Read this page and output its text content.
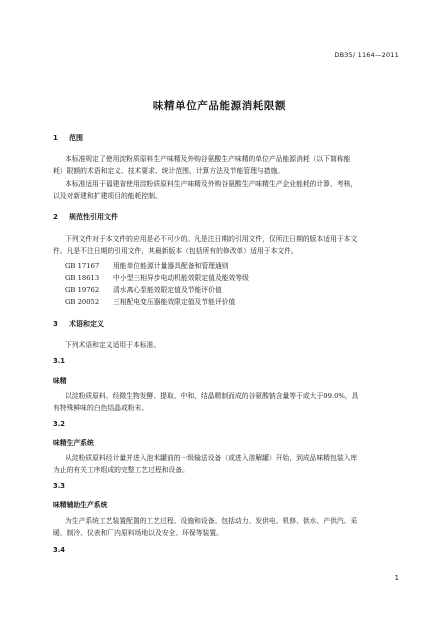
DB35/ 1164—2011
味精单位产品能源消耗限额
1 范围
本标准规定了使用淀粉质原料生产味精及外购谷氨酸生产味精的单位产品能源消耗（以下简称能
耗）限额的术语和定义、技术要求、统计范围、计算方法及节能管理与措施。
本标准适用于福建省使用淀粉质原料生产味精及外购谷氨酸生产味精生产企业能耗的计算、考核，
以及对新建和扩建项目的能耗控制。
2 规范性引用文件
下列文件对于本文件的应用是必不可少的。凡是注日期的引用文件，仅所注日期的版本适用于本文
件。凡是不注日期的引用文件，其最新版本（包括所有的修改单）适用于本文件。
GB 17167 用能单位能源计量器具配备和管理通则
GB 18613 中小型三相异步电动机能效限定值及能效等级
GB 19762 清水离心泵能效限定值及节能评价值
GB 20052 三相配电变压器能效限定值及节能评价值
3 术语和定义
下列术语和定义适用于本标准。
3.1
味精
以淀粉质原料、经微生物发酵、提取、中和、结晶精制而成的谷氨酸钠含量等于或大于99.0%，具
有特殊鲜味的白色结晶或粉末。
3.2
味精生产系统
从淀粉质原料经计量并进入泡米罐前的一级输送设备（或进入溶解罐）开始，到成品味精包装入库
为止的有关工序组成的完整工艺过程和设备。
3.3
味精辅助生产系统
为生产系统工艺装置配置的工艺过程、设施和设备。包括动力、发供电、机修、供水、产供汽、采
暖、制冷、仪表和厂内原料场地以及安全、环保等装置。
3.4
1
